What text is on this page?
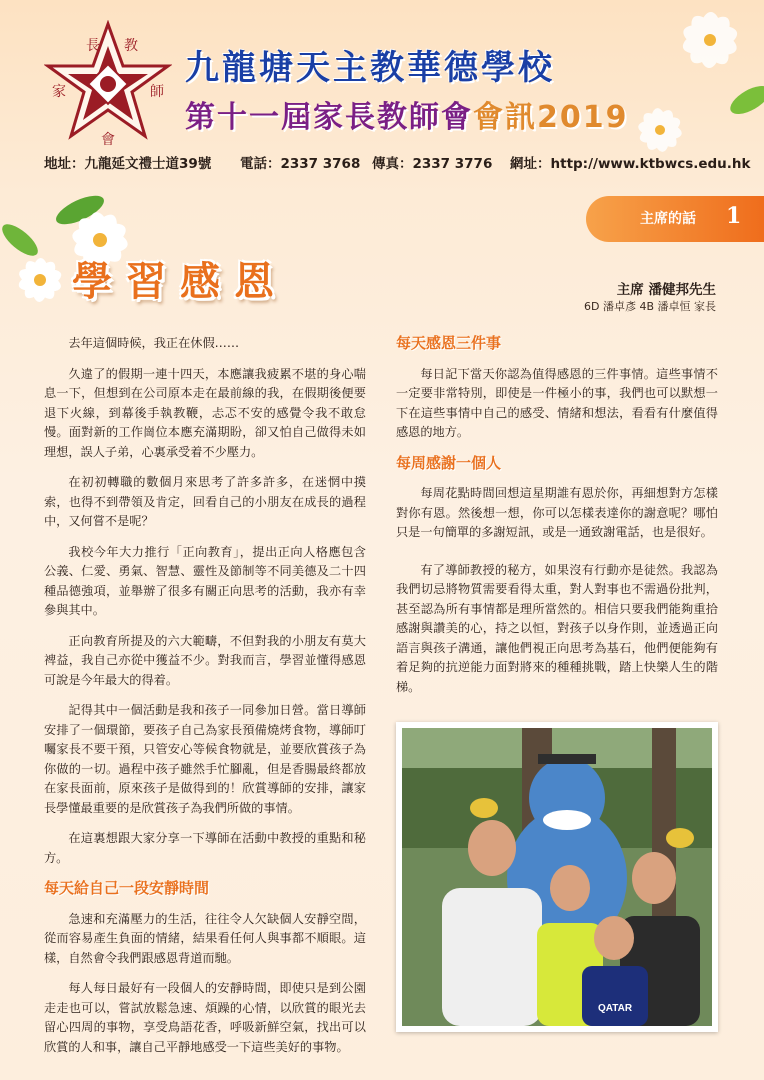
長 教
家	師
會
九龍塘天主教華德學校
第十一屆家長教師會會訊2019
地址：九龍延文禮士道39號 電話：2337 3768 傳真：2337 3776 網址：http://www.ktbwcs.edu.hk
主席的話 1
學習感恩	主席 潘健邦先生
6D 潘卓彥 4B 潘卓恒 家長

去年這個時候，我正在休假……

久違了的假期一連十四天，本應讓我疲累不堪的身心喘息一下，但想到在公司原本走在最前線的我，在假期後便要退下火線，到幕後手執教鞭，忐忑不安的感覺令我不敢怠慢。面對新的工作崗位本應充滿期盼，卻又怕自己做得未如理想，誤人子弟，心裏承受着不少壓力。

在初初轉職的數個月來思考了許多許多，在迷惘中摸索，也得不到帶領及肯定，回看自己的小朋友在成長的過程中，又何嘗不是呢？

我校今年大力推行「正向教育」，提出正向人格應包含公義、仁愛、勇氣、智慧、靈性及節制等不同美德及二十四種品德強項，並舉辦了很多有關正向思考的活動，我亦有幸參與其中。

正向教育所提及的六大範疇，不但對我的小朋友有莫大裨益，我自己亦從中獲益不少。對我而言，學習並懂得感恩可說是今年最大的得着。

記得其中一個活動是我和孩子一同參加日營。當日導師安排了一個環節，要孩子自己為家長預備燒烤食物，導師叮囑家長不要干預，只管安心等候食物就是，並要欣賞孩子為你做的一切。過程中孩子雖然手忙腳亂，但是香腸最終都放在家長面前，原來孩子是做得到的！欣賞導師的安排，讓家長學懂最重要的是欣賞孩子為我們所做的事情。

在這裏想跟大家分享一下導師在活動中教授的重點和秘方。

每天給自己一段安靜時間

急速和充滿壓力的生活，往往令人欠缺個人安靜空間，從而容易產生負面的情緒，結果看任何人與事都不順眼。這樣，自然會令我們跟感恩背道而馳。

每人每日最好有一段個人的安靜時間，即使只是到公園走走也可以，嘗試放鬆急速、煩躁的心情，以欣賞的眼光去留心四周的事物，享受鳥語花香，呼吸新鮮空氣，找出可以欣賞的人和事，讓自己平靜地感受一下這些美好的事物。

每天感恩三件事

每日記下當天你認為值得感恩的三件事情。這些事情不一定要非常特別，即使是一件極小的事，我們也可以默想一下在這些事情中自己的感受、情緒和想法，看看有什麼值得感恩的地方。

每周感謝一個人

每周花點時間回想這星期誰有恩於你，再細想對方怎樣對你有恩。然後想一想，你可以怎樣表達你的謝意呢？哪怕只是一句簡單的多謝短訊，或是一通致謝電話，也是很好。

有了導師教授的秘方，如果沒有行動亦是徒然。我認為我們切忌將物質需要看得太重，對人對事也不需過份批判，甚至認為所有事情都是理所當然的。相信只要我們能夠重拾感謝與讚美的心，持之以恒，對孩子以身作則，並透過正向語言與孩子溝通，讓他們視正向思考為基石，他們便能夠有着足夠的抗逆能力面對將來的種種挑戰，踏上快樂人生的階梯。

QATAR
